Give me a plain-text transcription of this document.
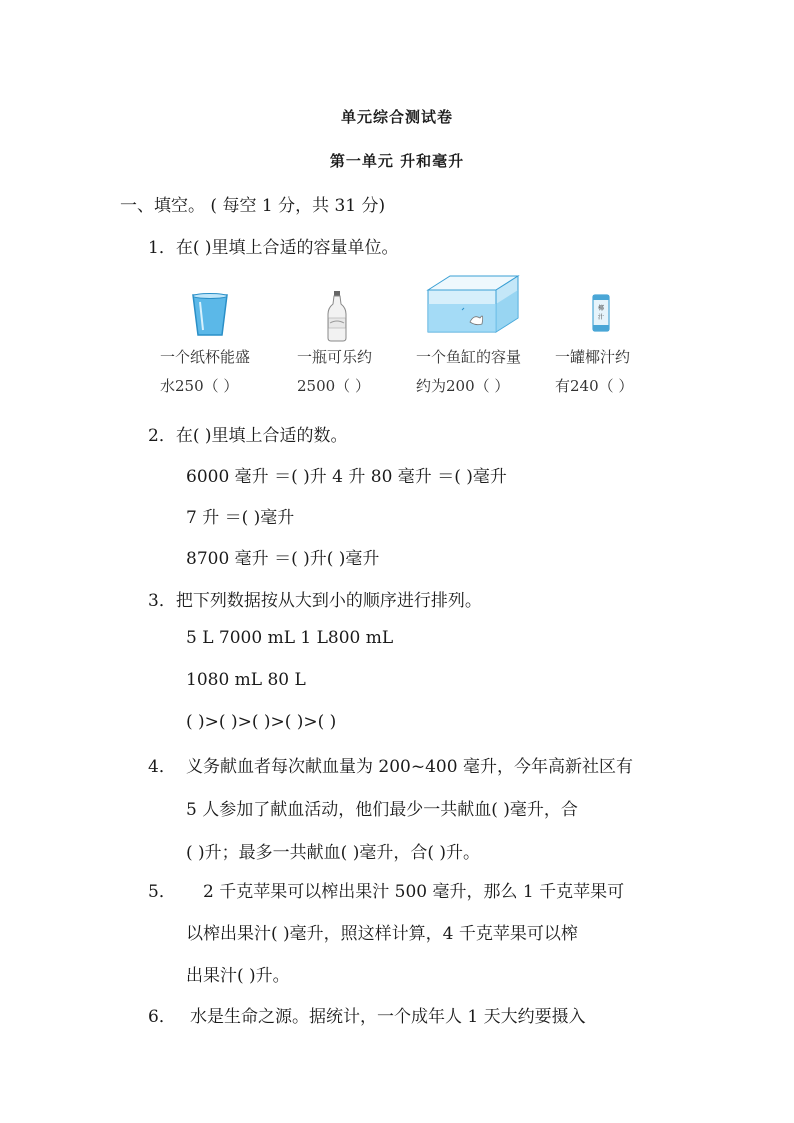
单元综合测试卷
第一单元 升和毫升
一、填空。 ( 每空 1 分，共 31 分)
1．在( )里填上合适的容量单位。
椰
汁
一个纸杯能盛
水250（ ）
一瓶可乐约
2500（ ）
一个鱼缸的容量
约为200（ ）
一罐椰汁约
有240（ ）
2．在( )里填上合适的数。
6000 毫升 ＝( )升 4 升 80 毫升 ＝( )毫升
7 升 ＝( )毫升
8700 毫升 ＝( )升( )毫升
3．把下列数据按从大到小的顺序进行排列。
5 L 7000 mL 1 L800 mL
1080 mL 80 L
( )>( )>( )>( )>( )
4． 义务献血者每次献血量为 200~400 毫升，今年高新社区有
5 人参加了献血活动，他们最少一共献血( )毫升，合
( )升；最多一共献血( )毫升，合( )升。
5． 2 千克苹果可以榨出果汁 500 毫升，那么 1 千克苹果可
以榨出果汁( )毫升，照这样计算，4 千克苹果可以榨
出果汁( )升。
6． 水是生命之源。据统计，一个成年人 1 天大约要摄入
